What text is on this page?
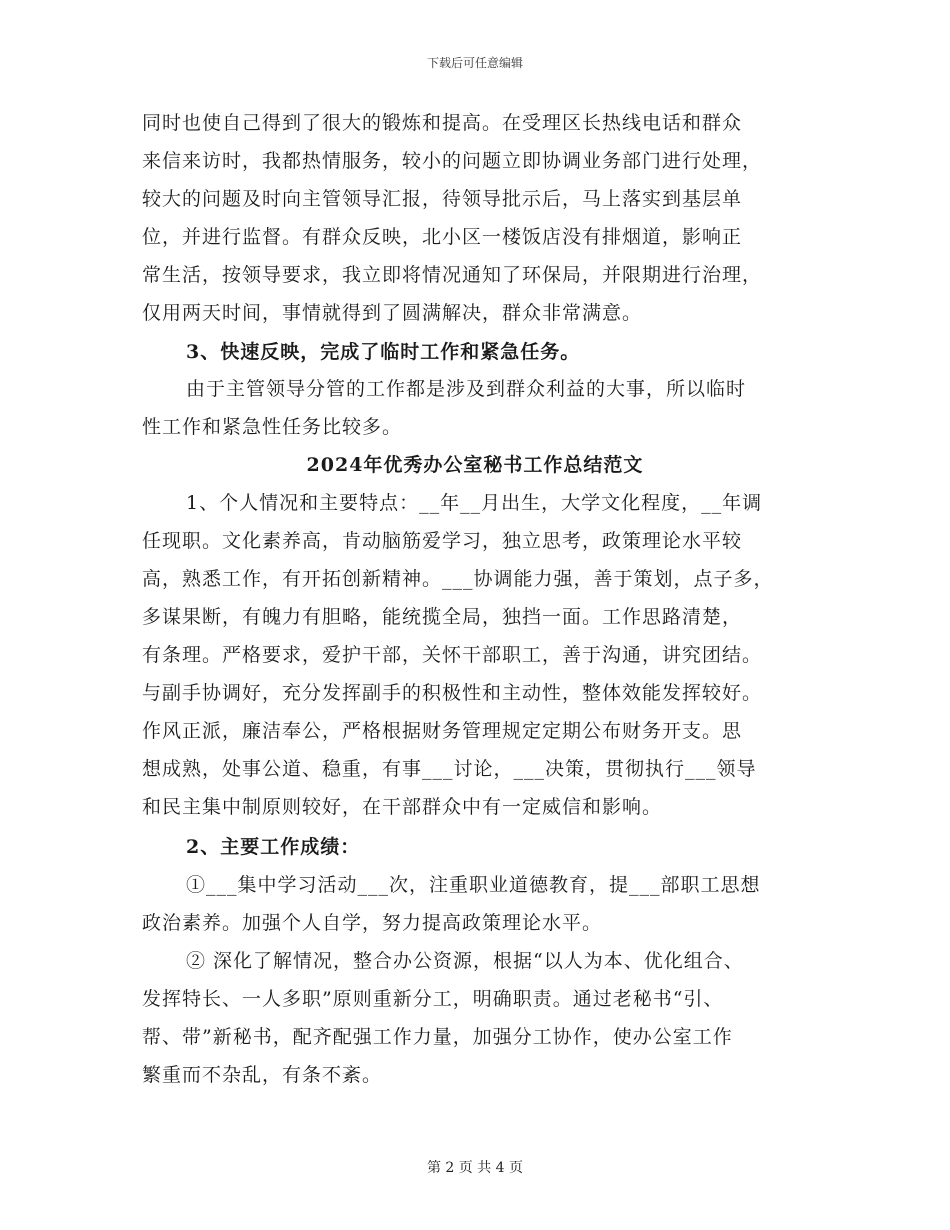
下载后可任意编辑
同时也使自己得到了很大的锻炼和提高。在受理区长热线电话和群众
来信来访时，我都热情服务，较小的问题立即协调业务部门进行处理，
较大的问题及时向主管领导汇报，待领导批示后，马上落实到基层单
位，并进行监督。有群众反映，北小区一楼饭店没有排烟道，影响正
常生活，按领导要求，我立即将情况通知了环保局，并限期进行治理，
仅用两天时间，事情就得到了圆满解决，群众非常满意。
3、快速反映，完成了临时工作和紧急任务。
由于主管领导分管的工作都是涉及到群众利益的大事，所以临时
性工作和紧急性任务比较多。
2024年优秀办公室秘书工作总结范文
1、个人情况和主要特点：__年__月出生，大学文化程度，__年调
任现职。文化素养高，肯动脑筋爱学习，独立思考，政策理论水平较
高，熟悉工作，有开拓创新精神。___协调能力强，善于策划，点子多，
多谋果断，有魄力有胆略，能统揽全局，独挡一面。工作思路清楚，
有条理。严格要求，爱护干部，关怀干部职工，善于沟通，讲究团结。
与副手协调好，充分发挥副手的积极性和主动性，整体效能发挥较好。
作风正派，廉洁奉公，严格根据财务管理规定定期公布财务开支。思
想成熟，处事公道、稳重，有事___讨论，___决策，贯彻执行___领导
和民主集中制原则较好，在干部群众中有一定威信和影响。
2、主要工作成绩：
①___集中学习活动___次，注重职业道德教育，提___部职工思想
政治素养。加强个人自学，努力提高政策理论水平。
② 深化了解情况，整合办公资源，根据“以人为本、优化组合、
发挥特长、一人多职”原则重新分工，明确职责。通过老秘书“引、
帮、带”新秘书，配齐配强工作力量，加强分工协作，使办公室工作
繁重而不杂乱，有条不紊。
第 2 页 共 4 页
